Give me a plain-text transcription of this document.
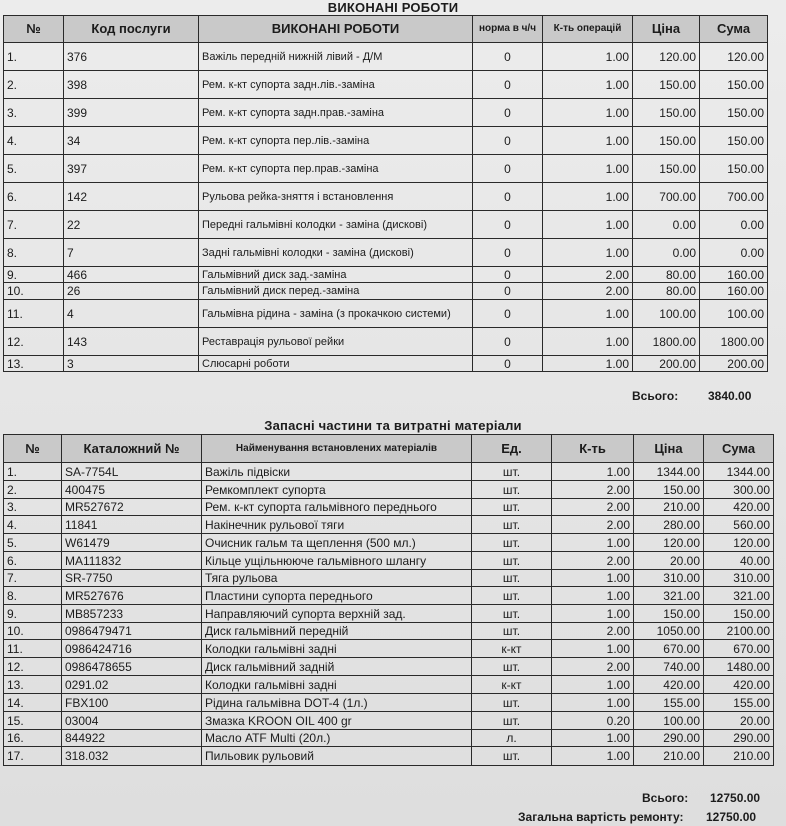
ВИКОНАНІ РОБОТИ
№	Код послуги	ВИКОНАНІ РОБОТИ	норма в ч/ч	К-ть операцій	Ціна	Сума
1.	376	Важіль передній нижній лівий - Д/М	0	1.00	120.00	120.00
2.	398	Рем. к-кт супорта задн.лів.-заміна	0	1.00	150.00	150.00
3.	399	Рем. к-кт супорта задн.прав.-заміна	0	1.00	150.00	150.00
4.	34	Рем. к-кт супорта пер.лів.-заміна	0	1.00	150.00	150.00
5.	397	Рем. к-кт супорта пер.прав.-заміна	0	1.00	150.00	150.00
6.	142	Рульова рейка-зняття і встановлення	0	1.00	700.00	700.00
7.	22	Передні гальмівні колодки - заміна (дискові)	0	1.00	0.00	0.00
8.	7	Задні гальмівні колодки - заміна (дискові)	0	1.00	0.00	0.00
9.	466	Гальмівний диск зад.-заміна	0	2.00	80.00	160.00
10.	26	Гальмівний диск перед.-заміна	0	2.00	80.00	160.00
11.	4	Гальмівна рідина - заміна (з прокачкою системи)	0	1.00	100.00	100.00
12.	143	Реставрація рульової рейки	0	1.00	1800.00	1800.00
13.	3	Слюсарні роботи	0	1.00	200.00	200.00
Всього: 3840.00
Запасні частини та витратні матеріали
№	Каталожний №	Найменування встановлених матеріалів	Ед.	К-ть	Ціна	Сума
1.	SA-7754L	Важіль підвіски	шт.	1.00	1344.00	1344.00
2.	400475	Ремкомплект супорта	шт.	2.00	150.00	300.00
3.	MR527672	Рем. к-кт супорта гальмівного переднього	шт.	2.00	210.00	420.00
4.	11841	Накінечник рульової тяги	шт.	2.00	280.00	560.00
5.	W61479	Очисник гальм та щеплення (500 мл.)	шт.	1.00	120.00	120.00
6.	MA111832	Кільце ущільнююче гальмівного шлангу	шт.	2.00	20.00	40.00
7.	SR-7750	Тяга рульова	шт.	1.00	310.00	310.00
8.	MR527676	Пластини супорта переднього	шт.	1.00	321.00	321.00
9.	MB857233	Направляючий супорта верхній зад.	шт.	1.00	150.00	150.00
10.	0986479471	Диск гальмівний передній	шт.	2.00	1050.00	2100.00
11.	0986424716	Колодки гальмівні задні	к-кт	1.00	670.00	670.00
12.	0986478655	Диск гальмівний задній	шт.	2.00	740.00	1480.00
13.	0291.02	Колодки гальмівні задні	к-кт	1.00	420.00	420.00
14.	FBX100	Рідина гальмівна DOT-4 (1л.)	шт.	1.00	155.00	155.00
15.	03004	Змазка KROON OIL 400 gr	шт.	0.20	100.00	20.00
16.	844922	Масло ATF Multi (20л.)	л.	1.00	290.00	290.00
17.	318.032	Пильовик рульовий	шт.	1.00	210.00	210.00
Всього: 12750.00
Загальна вартість ремонту: 12750.00
